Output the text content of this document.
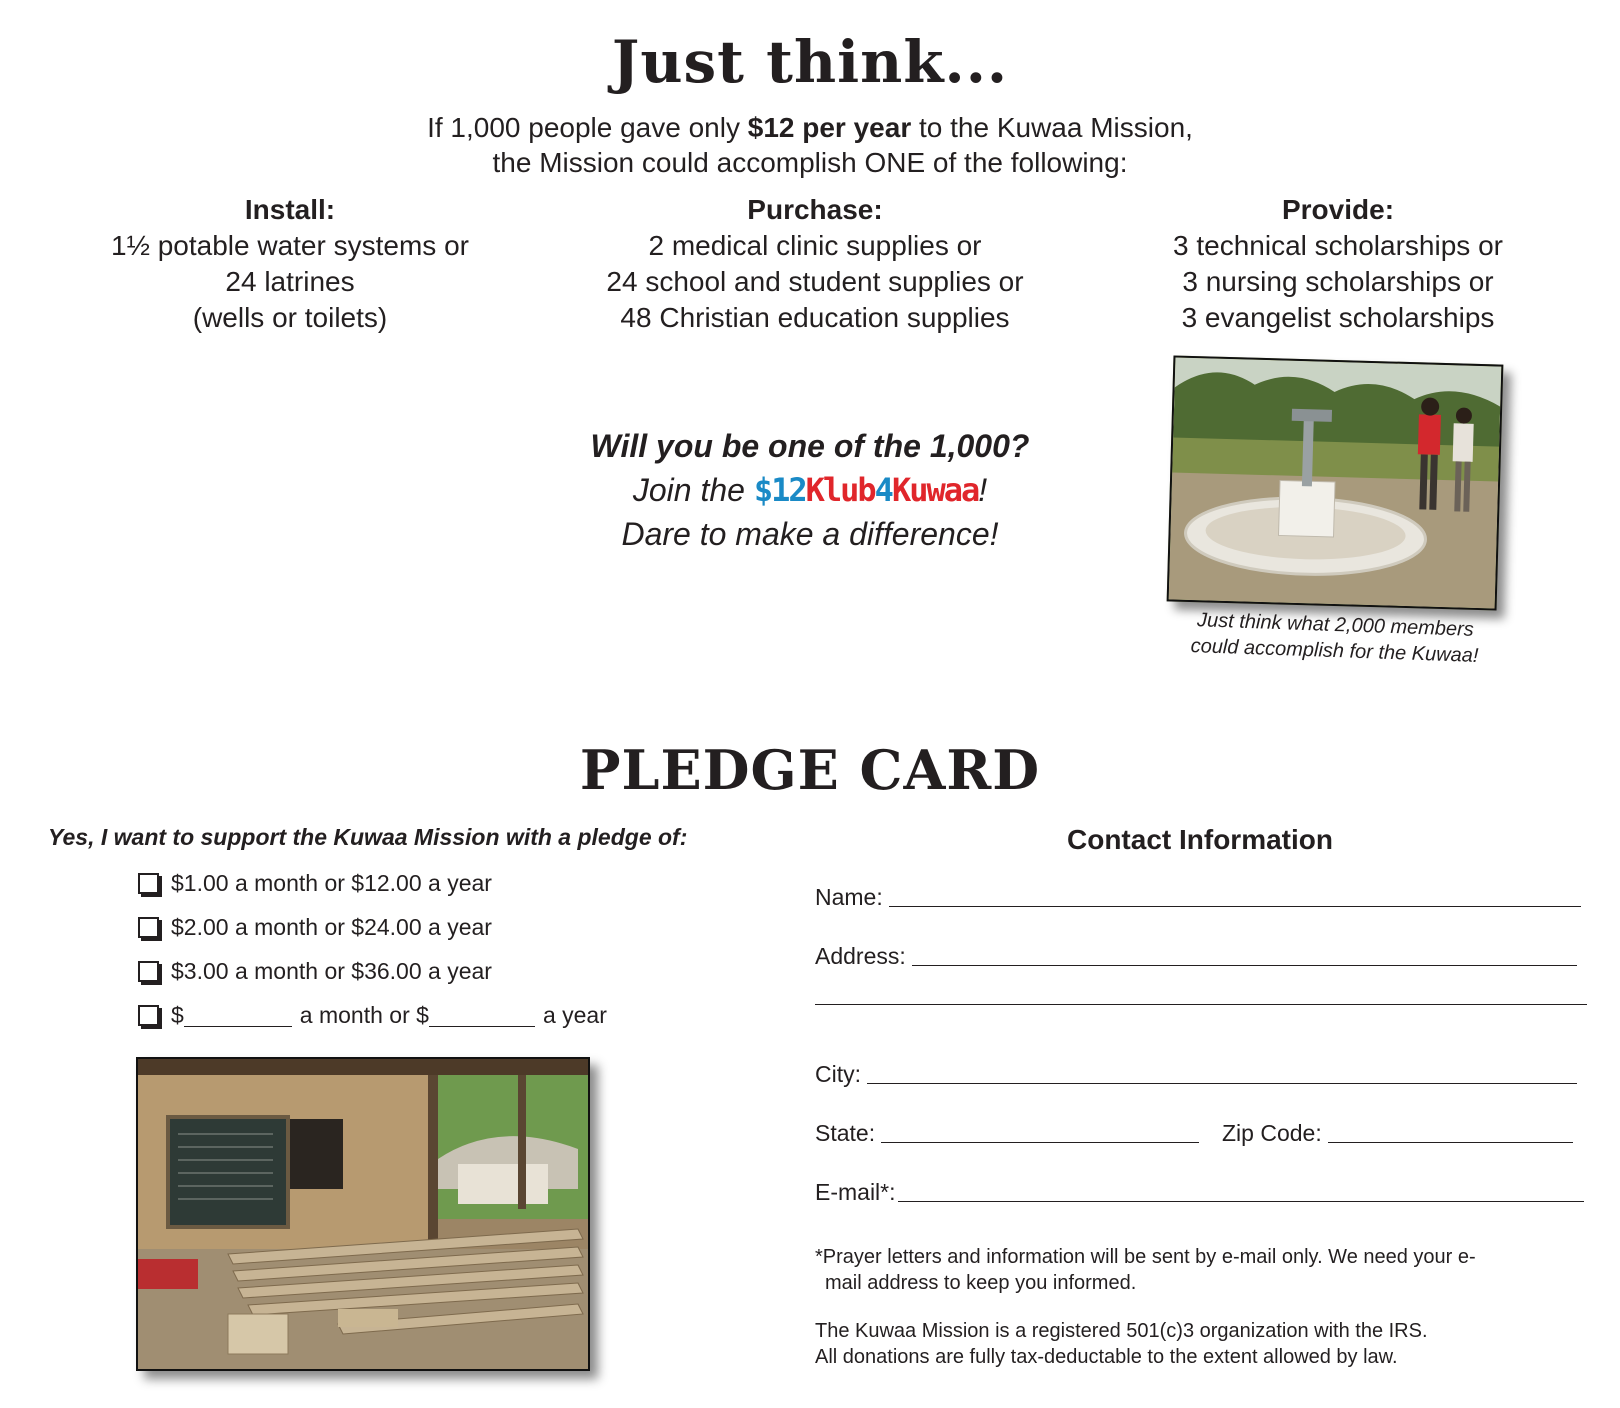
Just think...
If 1,000 people gave only $12 per year to the Kuwaa Mission,
the Mission could accomplish ONE of the following:
Install:
1½ potable water systems or
24 latrines
(wells or toilets)
Purchase:
2 medical clinic supplies or
24 school and student supplies or
48 Christian education supplies
Provide:
3 technical scholarships or
3 nursing scholarships or
3 evangelist scholarships
Will you be one of the 1,000?
Join the $12Klub4Kuwaa!
Dare to make a difference!
Just think what 2,000 members
could accomplish for the Kuwaa!
PLEDGE CARD
Yes, I want to support the Kuwaa Mission with a pledge of:
$1.00 a month or $12.00 a year
$2.00 a month or $24.00 a year
$3.00 a month or $36.00 a year
$	a month or $	a year
Contact Information
Name:
Address:
City:
State:	Zip Code:
E-mail*:
*Prayer letters and information will be sent by e-mail only. We need your e-
mail address to keep you informed.
The Kuwaa Mission is a registered 501(c)3 organization with the IRS.
All donations are fully tax-deductable to the extent allowed by law.
